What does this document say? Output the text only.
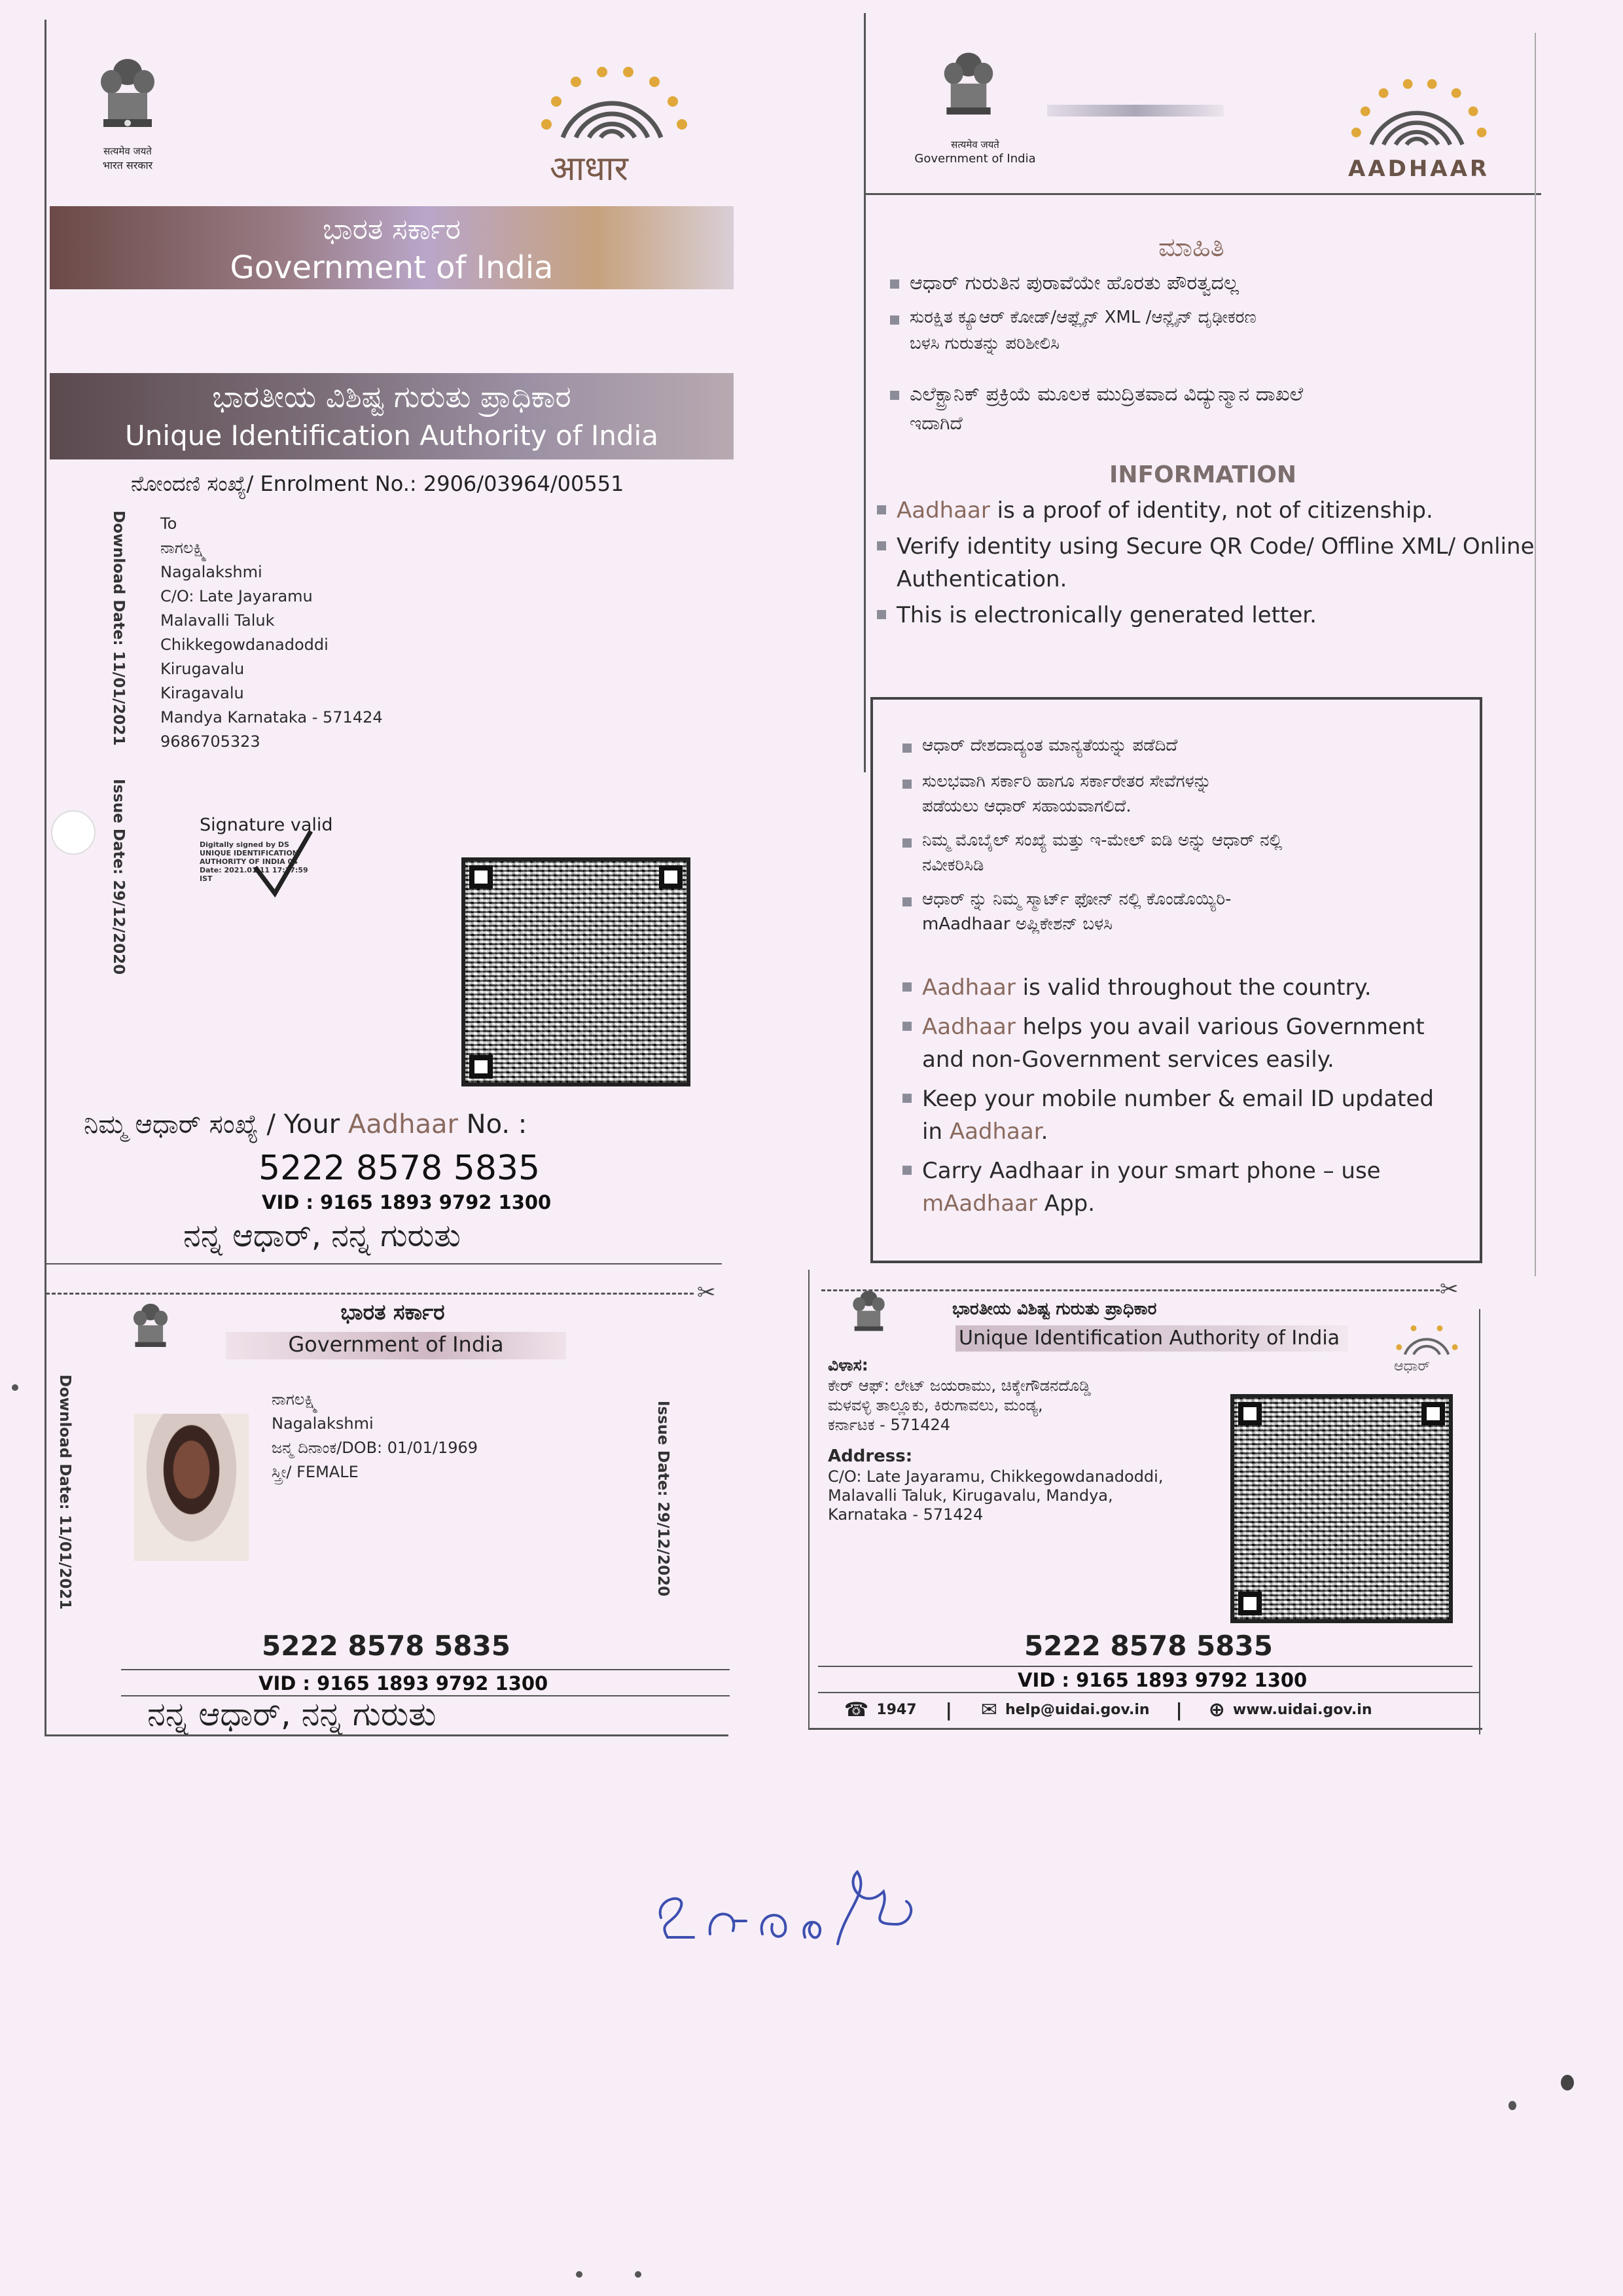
सत्यमेव जयते
भारत सरकार	आधार
ಭಾರತ ಸರ್ಕಾರ
Government of India
ಭಾರತೀಯ ವಿಶಿಷ್ಟ ಗುರುತು ಪ್ರಾಧಿಕಾರ
Unique Identification Authority of India
ನೋಂದಣಿ ಸಂಖ್ಯೆ/ Enrolment No.: 2906/03964/00551
Download Date: 11/01/2021
Issue Date: 29/12/2020
To
ನಾಗಲಕ್ಷ್ಮಿ
Nagalakshmi
C/O: Late Jayaramu
Malavalli Taluk
Chikkegowdanadoddi
Kirugavalu
Kiragavalu
Mandya Karnataka - 571424
9686705323
Signature valid
Digitally signed by DS
UNIQUE IDENTIFICATION
AUTHORITY OF INDIA 04
Date: 2021.01.11 17:37:59
IST
ನಿಮ್ಮ ಆಧಾರ್ ಸಂಖ್ಯೆ / Your Aadhaar No. :
5222 8578 5835
VID : 9165 1893 9792 1300
ನನ್ನ ಆಧಾರ್, ನನ್ನ ಗುರುತು
✂
ಭಾರತ ಸರ್ಕಾರ
Government of India
Download Date: 11/01/2021	Issue Date: 29/12/2020
ನಾಗಲಕ್ಷ್ಮಿ
Nagalakshmi
ಜನ್ಮ ದಿನಾಂಕ/DOB: 01/01/1969
ಸ್ತ್ರೀ/ FEMALE
5222 8578 5835
VID : 9165 1893 9792 1300
ನನ್ನ ಆಧಾರ್, ನನ್ನ ಗುರುತು
सत्यमेव जयते
Government of India	AADHAAR
ಮಾಹಿತಿ
ಆಧಾರ್ ಗುರುತಿನ ಪುರಾವೆಯೇ ಹೊರತು ಪೌರತ್ವದಲ್ಲ
ಸುರಕ್ಷಿತ ಕ್ಯೂಆರ್ ಕೋಡ್/ಆಫ್ಲೈನ್ XML /ಆನ್ಲೈನ್ ದೃಢೀಕರಣ
ಬಳಸಿ ಗುರುತನ್ನು ಪರಿಶೀಲಿಸಿ
ಎಲೆಕ್ಟ್ರಾನಿಕ್ ಪ್ರಕ್ರಿಯೆ ಮೂಲಕ ಮುದ್ರಿತವಾದ ವಿದ್ಯುನ್ಮಾನ ದಾಖಲೆ
ಇದಾಗಿದೆ
INFORMATION
Aadhaar is a proof of identity, not of citizenship.
Verify identity using Secure QR Code/ Offline XML/ Online
Authentication.
This is electronically generated letter.
ಆಧಾರ್ ದೇಶದಾದ್ಯಂತ ಮಾನ್ಯತೆಯನ್ನು ಪಡೆದಿದೆ
ಸುಲಭವಾಗಿ ಸರ್ಕಾರಿ ಹಾಗೂ ಸರ್ಕಾರೇತರ ಸೇವೆಗಳನ್ನು
ಪಡೆಯಲು ಆಧಾರ್ ಸಹಾಯವಾಗಲಿದೆ.
ನಿಮ್ಮ ಮೊಬೈಲ್ ಸಂಖ್ಯೆ ಮತ್ತು ಇ-ಮೇಲ್ ಐಡಿ ಅನ್ನು ಆಧಾರ್ ನಲ್ಲಿ
ನವೀಕರಿಸಿಡಿ
ಆಧಾರ್ ನ್ನು ನಿಮ್ಮ ಸ್ಮಾರ್ಟ್ ಫೋನ್ ನಲ್ಲಿ ಕೊಂಡೊಯ್ಯಿರಿ-
mAadhaar ಅಪ್ಲಿಕೇಶನ್ ಬಳಸಿ
Aadhaar is valid throughout the country.
Aadhaar helps you avail various Government
and non-Government services easily.
Keep your mobile number & email ID updated
in Aadhaar.
Carry Aadhaar in your smart phone – use
mAadhaar App.
✂
ಭಾರತೀಯ ವಿಶಿಷ್ಟ ಗುರುತು ಪ್ರಾಧಿಕಾರ
Unique Identification Authority of India
ಆಧಾರ್
ವಿಳಾಸ:
ಕೇರ್ ಆಫ್: ಲೇಟ್ ಜಯರಾಮು, ಚಿಕ್ಕೇಗೌಡನದೊಡ್ಡಿ
ಮಳವಳ್ಳಿ ತಾಲ್ಲೂಕು, ಕಿರುಗಾವಲು, ಮಂಡ್ಯ,
ಕರ್ನಾಟಕ - 571424
Address:
C/O: Late Jayaramu, Chikkegowdanadoddi,
Malavalli Taluk, Kirugavalu, Mandya,
Karnataka - 571424
5222 8578 5835
VID : 9165 1893 9792 1300
☎ 1947 | ✉ help@uidai.gov.in | ⊕ www.uidai.gov.in
